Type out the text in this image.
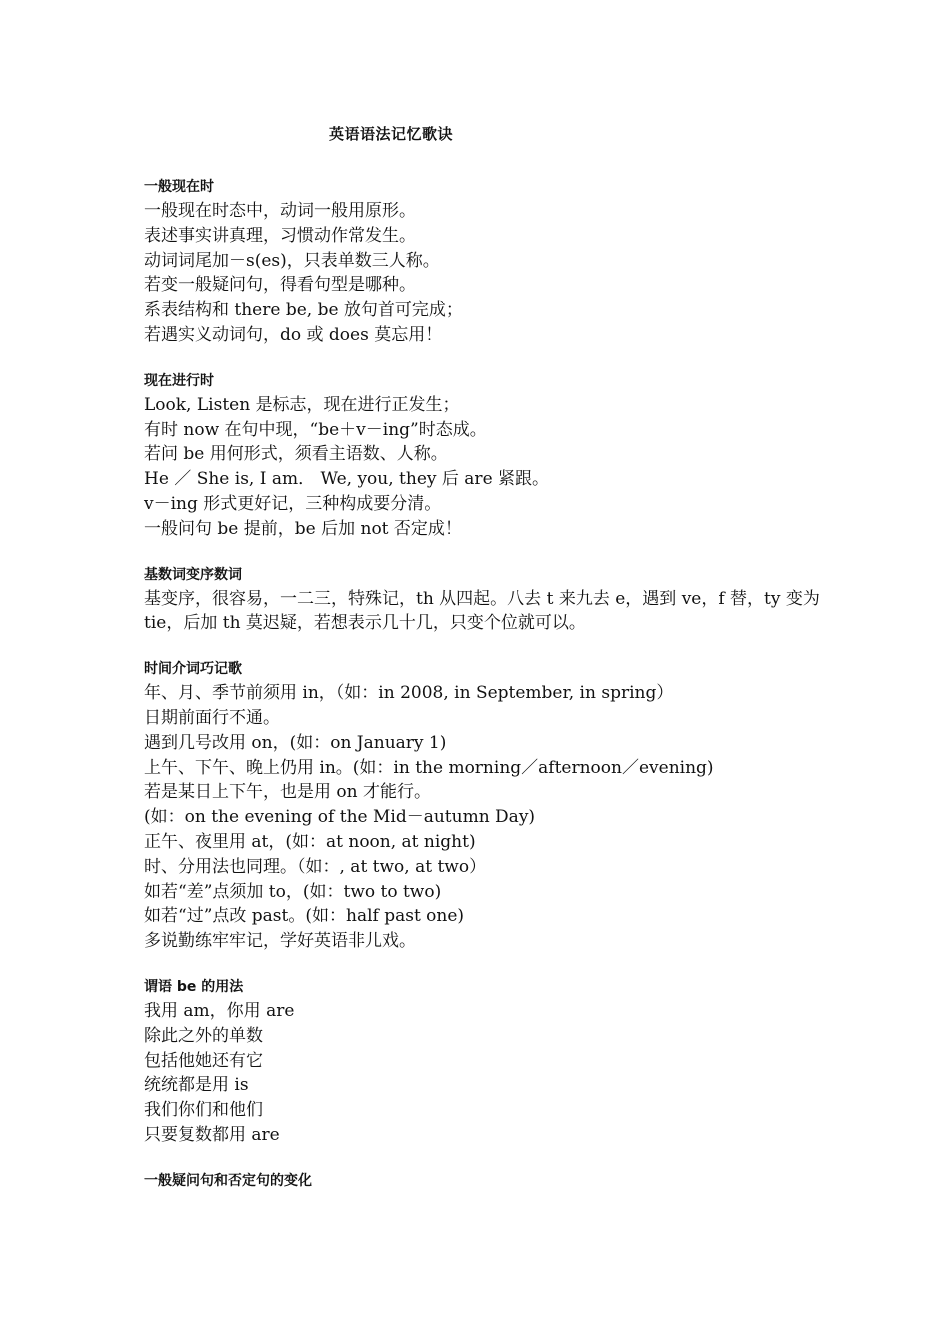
英语语法记忆歌诀
一般现在时
一般现在时态中，动词一般用原形。
表述事实讲真理，习惯动作常发生。
动词词尾加－s(es)，只表单数三人称。
若变一般疑问句，得看句型是哪种。
系表结构和 there be, be 放句首可完成；
若遇实义动词句，do 或 does 莫忘用！
现在进行时
Look, Listen 是标志，现在进行正发生；
有时 now 在句中现，“be＋v－ing”时态成。
若问 be 用何形式，须看主语数、人称。
He ／ She is, I am． We, you, they 后 are 紧跟。
v－ing 形式更好记，三种构成要分清。
一般问句 be 提前，be 后加 not 否定成！
基数词变序数词
基变序，很容易，一二三，特殊记，th 从四起。八去 t 来九去 e，遇到 ve，f 替，ty 变为 tie，后加 th 莫迟疑，若想表示几十几，只变个位就可以。
时间介词巧记歌
年、月、季节前须用 in，（如：in 2008, in September, in spring）
日期前面行不通。
遇到几号改用 on，(如：on January 1)
上午、下午、晚上仍用 in。(如：in the morning／afternoon／evening)
若是某日上下午，也是用 on 才能行。
(如：on the evening of the Mid－autumn Day)
正午、夜里用 at，(如：at noon, at night)
时、分用法也同理。（如：, at two, at two）
如若“差”点须加 to，(如：two to two)
如若“过”点改 past。(如：half past one)
多说勤练牢牢记，学好英语非儿戏。
谓语 be 的用法
我用 am，你用 are
除此之外的单数
包括他她还有它
统统都是用 is
我们你们和他们
只要复数都用 are
一般疑问句和否定句的变化
